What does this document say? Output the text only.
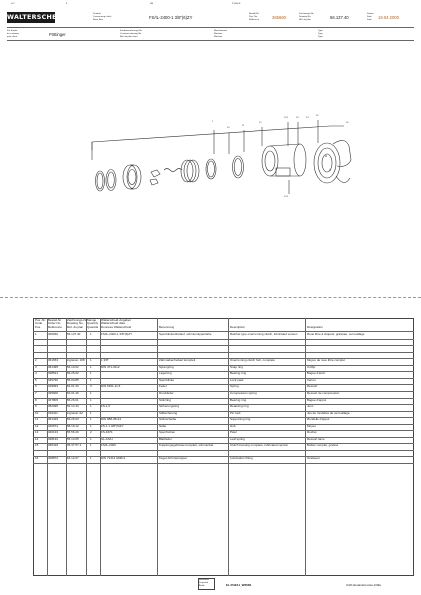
S-Y	F	DB	ZY-B-FS
WALTERSCHEID	Produkt
Overrunning clutch
Roue libre	FS/IL-2400-1 3/8"(6)ZY
Bestell-Nr.
Part. No.
Référence	365660
Zeichnungs-Nr.
Drawing No.
Réf. du plan	56.137.40
Datum
Date
Date 19.04.2000
Für Kunde
for customer
pour client	Pöttinger
Kundenzeichnungs-Nr.
Customer drawing No.
Réf. du plan client
Maschinenart
Machine
Machine
Type
Type
Type
1
10
11
12
13.1	13	14
15
16
13.1
Pos.-Nr.
Code
Pos.
Bestell-Nr.
Order No.
Référence
Zeichnungs-Nr.
Drawing No.
Réf. du plan
Menge
Quantity
Quantité
Walterscheid-Angaben
Walterscheid data
Données Walterscheid	Benennung	Description	Désignation
1	365660	56.137.40	1	FS/IL-2400-1 3/8"(6)ZY	Sperrklinkenfreilauf, schmiernippelnahe	Ratchet type overrunning clutch, lubricated version	Roue libre à cliquets, graissée, verrouillage
2	361653	ingranat. 108 1	1 3/8"	Zahnnabenfreilauf komplett	Overrunning clutch hub, complete	Moyeu de roue libre complet
3	361495	52.10.02	1	DIN 471-32x2	Sprengring	Snap ring	Circlip
4	338521	56.26.02	1	Lagerring	Bearing ring	Bague d'arrêt
5	345790	55.00.85	1	Sperrklinke	Lock pawl	Verrou
6	329993	52.01.33	3	DIN 6361-11,5	Feder	Spring	Ressort
7	325900	52.01.46	1	Druckfeder	Compression spring	Ressort de compression
8	347805	56.26.01	1	Stützring	Bearing ring	Bague d'appui
9	352095	52.14.43	1	FS-1,5	Sicherungsring	Retaining ring	Jonc
10	319411	ingranat. 02	1	Stiftsicherung	Pin lock	Jeu de rondelles de verrouillage
11	361429	56.26.03	1	DIN 988-35x12	Stützscheibe	Supporting ring	Rondelle d'appui
12	346974	58.19.12	1	FS-1 1 3/8"(6)ZY	Nabe	Hub	Moyeu
13	346133	55.56.20	2	FS-FZ/S	Sperrbolzen	Pawl	Rochet
14	348132	55.13.05	1	SL-AS/H	Blattfeder	Leaf spring	Ressort lame
15	365418	35.37.57-1	1	FS/IL-2400	Kupplungsgehäuse komplett, schmierbar	Clutch housing complete, lubricated version	Boîtier complet, graissé
16	328872	63.12.07	1	DIN 71412 AM6x1	Kegel-Schmiernippel	Lubrication fitting	Graisseur
Bearbeiter
Prepared
Établi	EL.PHE11_W6666	CAD-Ersatzteil-Liste-K3EL
